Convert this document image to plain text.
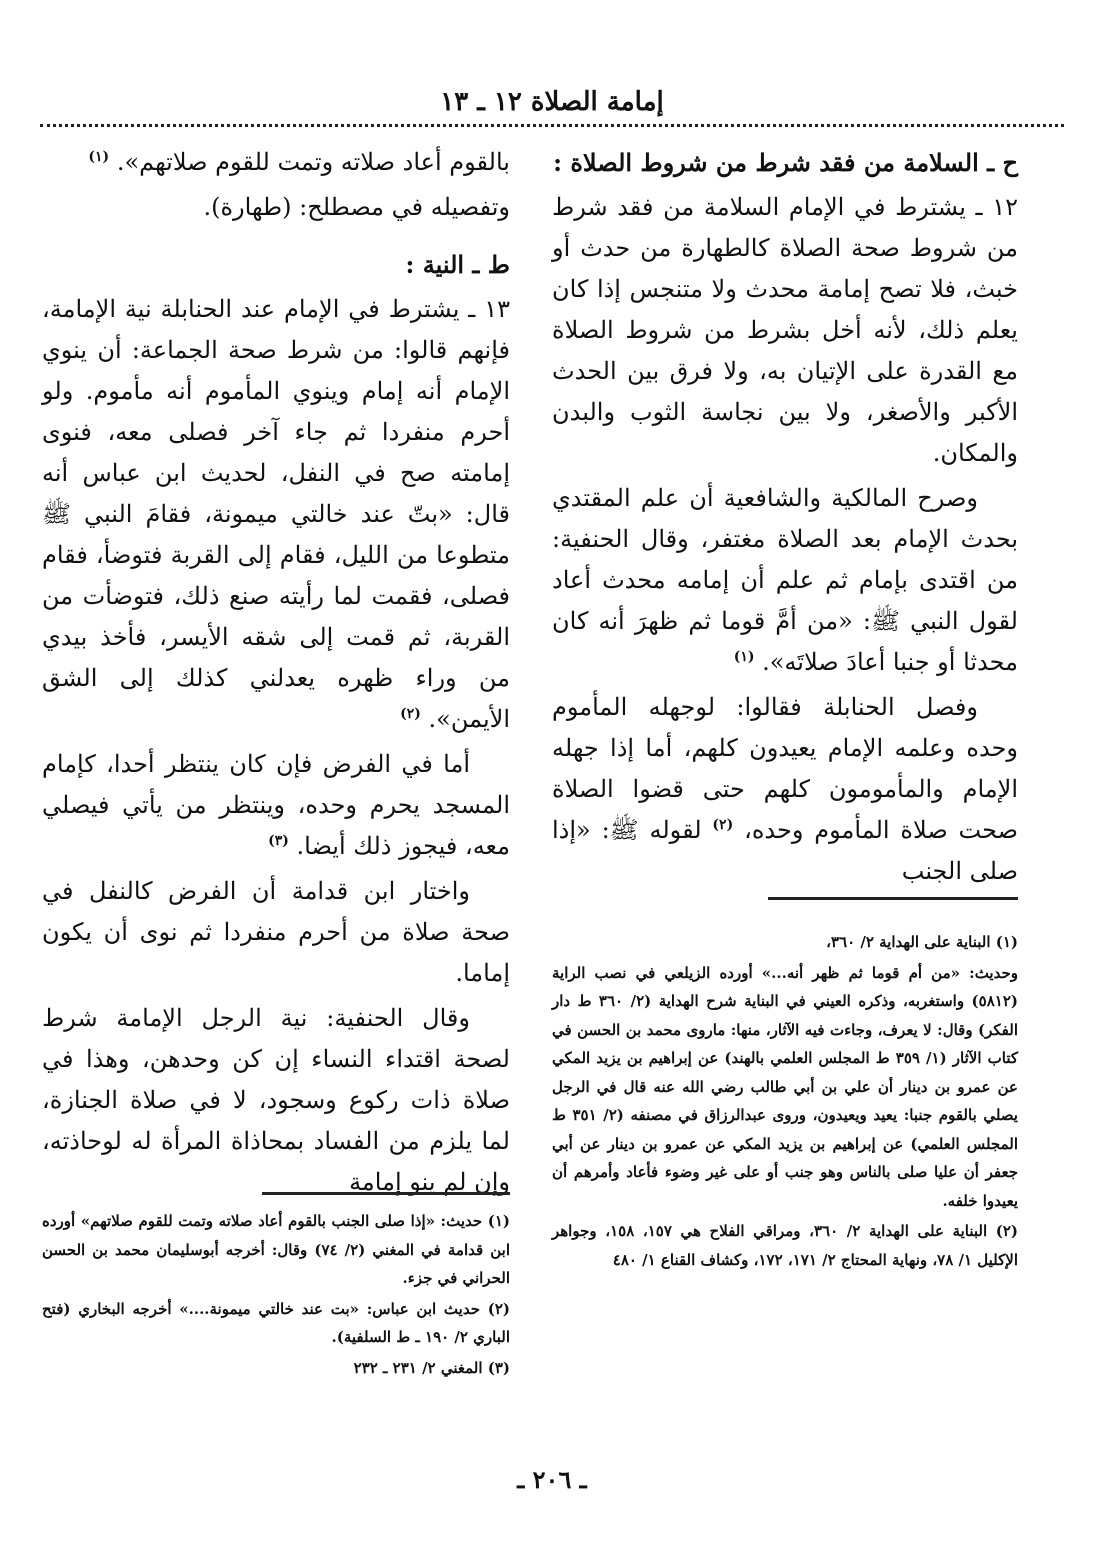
إمامة الصلاة ١٢ ـ ١٣
ح ـ السلامة من فقد شرط من شروط الصلاة :
١٢ ـ يشترط في الإمام السلامة من فقد شرط من شروط صحة الصلاة كالطهارة من حدث أو خبث، فلا تصح إمامة محدث ولا متنجس إذا كان يعلم ذلك، لأنه أخل بشرط من شروط الصلاة مع القدرة على الإتيان به، ولا فرق بين الحدث الأكبر والأصغر، ولا بين نجاسة الثوب والبدن والمكان.
وصرح المالكية والشافعية أن علم المقتدي بحدث الإمام بعد الصلاة مغتفر، وقال الحنفية: من اقتدى بإمام ثم علم أن إمامه محدث أعاد لقول النبي ﷺ: «من أمَّ قوما ثم ظهرَ أنه كان محدثا أو جنبا أعادَ صلاتَه». $^{(١)}$
وفصل الحنابلة فقالوا: لوجهله المأموم وحده وعلمه الإمام يعيدون كلهم، أما إذا جهله الإمام والمأمومون كلهم حتى قضوا الصلاة صحت صلاة المأموم وحده، $^{(٢)}$ لقوله ﷺ: «إذا صلى الجنب
بالقوم أعاد صلاته وتمت للقوم صلاتهم». $^{(١)}$
وتفصيله في مصطلح: (طهارة).
ط ـ النية :
١٣ ـ يشترط في الإمام عند الحنابلة نية الإمامة، فإنهم قالوا: من شرط صحة الجماعة: أن ينوي الإمام أنه إمام وينوي المأموم أنه مأموم. ولو أحرم منفردا ثم جاء آخر فصلى معه، فنوى إمامته صح في النفل، لحديث ابن عباس أنه قال: «بتّ عند خالتي ميمونة، فقامَ النبي ﷺ متطوعا من الليل، فقام إلى القربة فتوضأ، فقام فصلى، فقمت لما رأيته صنع ذلك، فتوضأت من القربة، ثم قمت إلى شقه الأيسر، فأخذ بيدي من وراء ظهره يعدلني كذلك إلى الشق الأيمن». $^{(٢)}$
أما في الفرض فإن كان ينتظر أحدا، كإمام المسجد يحرم وحده، وينتظر من يأتي فيصلي معه، فيجوز ذلك أيضا. $^{(٣)}$
واختار ابن قدامة أن الفرض كالنفل في صحة صلاة من أحرم منفردا ثم نوى أن يكون إماما.
وقال الحنفية: نية الرجل الإمامة شرط لصحة اقتداء النساء إن كن وحدهن، وهذا في صلاة ذات ركوع وسجود، لا في صلاة الجنازة، لما يلزم من الفساد بمحاذاة المرأة له لوحاذته، وإن لم ينو إمامة
(١) البناية على الهداية ٢/ ٣٦٠،
وحديث: «من أم قوما ثم ظهر أنه...» أورده الزيلعي في نصب الراية (٥٨١٢) واستغربه، وذكره العيني في البناية شرح الهداية (٢/ ٣٦٠ ط دار الفكر) وقال: لا يعرف، وجاءت فيه الآثار، منها: ماروى محمد بن الحسن في كتاب الآثار (١/ ٣٥٩ ط المجلس العلمي بالهند) عن إبراهيم بن يزيد المكي عن عمرو بن دينار أن علي بن أبي طالب رضي الله عنه قال في الرجل يصلي بالقوم جنبا: يعيد ويعيدون، وروى عبدالرزاق في مصنفه (٢/ ٣٥١ ط المجلس العلمي) عن إبراهيم بن يزيد المكي عن عمرو بن دينار عن أبي جعفر أن عليا صلى بالناس وهو جنب أو على غير وضوء فأعاد وأمرهم أن يعيدوا خلفه.
(٢) البناية على الهداية ٢/ ٣٦٠، ومراقي الفلاح هي ١٥٧، ١٥٨، وجواهر الإكليل ١/ ٧٨، ونهاية المحتاج ٢/ ١٧١، ١٧٢، وكشاف القناع ١/ ٤٨٠
(١) حديث: «إذا صلى الجنب بالقوم أعاد صلاته وتمت للقوم صلاتهم» أورده ابن قدامة في المغني (٢/ ٧٤) وقال: أخرجه أبوسليمان محمد بن الحسن الحراني في جزء.
(٢) حديث ابن عباس: «بت عند خالتي ميمونة....» أخرجه البخاري (فتح الباري ٢/ ١٩٠ ـ ط السلفية).
(٣) المغني ٢/ ٢٣١ ـ ٢٣٢
ـ ٢٠٦ ـ
